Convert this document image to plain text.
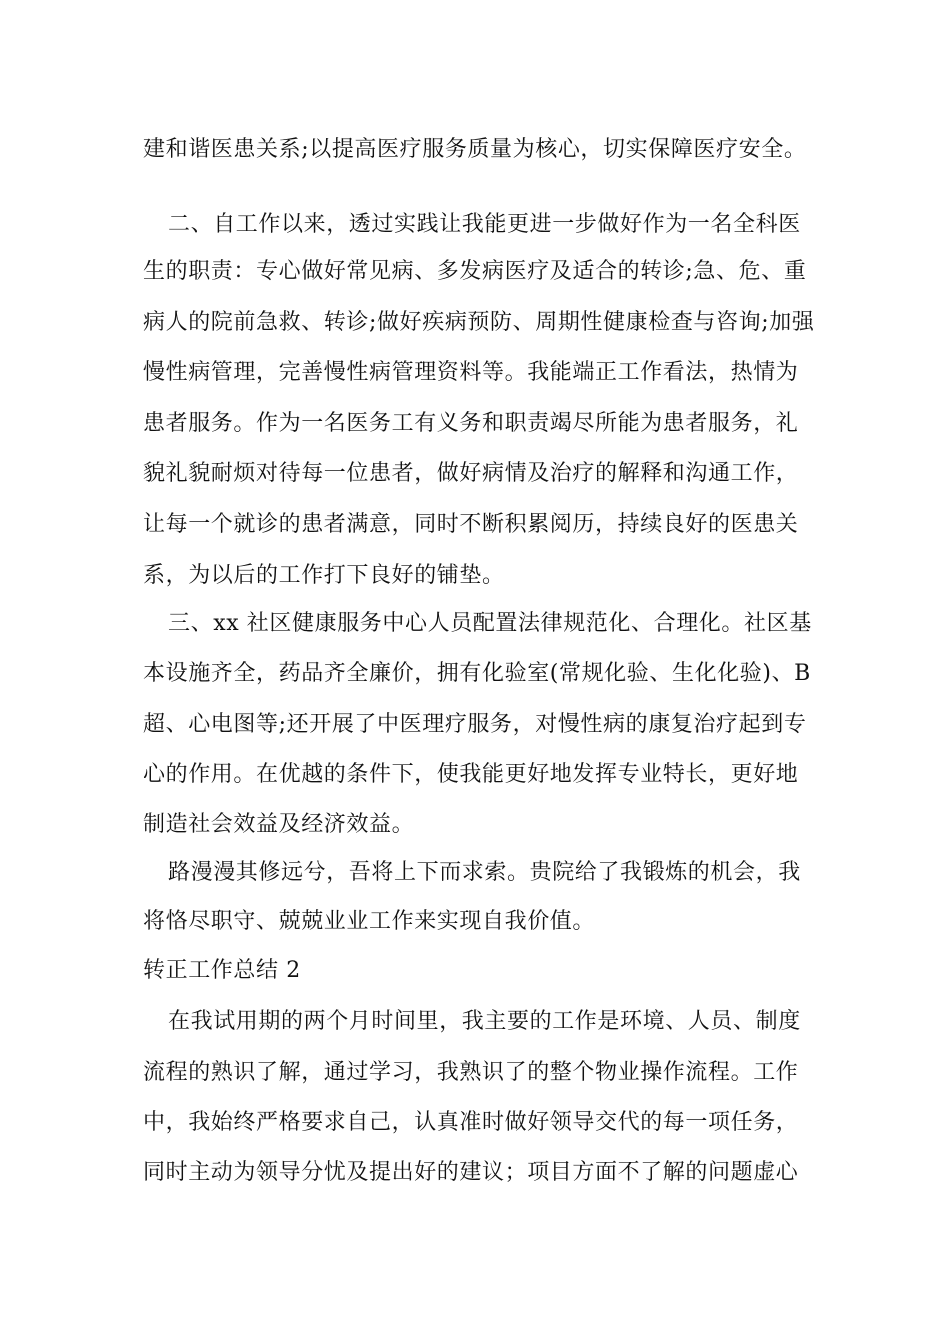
建和谐医患关系;以提高医疗服务质量为核心，切实保障医疗安全。
二、自工作以来，透过实践让我能更进一步做好作为一名全科医
生的职责：专心做好常见病、多发病医疗及适合的转诊;急、危、重
病人的院前急救、转诊;做好疾病预防、周期性健康检查与咨询;加强
慢性病管理，完善慢性病管理资料等。我能端正工作看法，热情为
患者服务。作为一名医务工有义务和职责竭尽所能为患者服务，礼
貌礼貌耐烦对待每一位患者，做好病情及治疗的解释和沟通工作，
让每一个就诊的患者满意，同时不断积累阅历，持续良好的医患关
系，为以后的工作打下良好的铺垫。
三、xx 社区健康服务中心人员配置法律规范化、合理化。社区基
本设施齐全，药品齐全廉价，拥有化验室(常规化验、生化化验)、B
超、心电图等;还开展了中医理疗服务，对慢性病的康复治疗起到专
心的作用。在优越的条件下，使我能更好地发挥专业特长，更好地
制造社会效益及经济效益。
路漫漫其修远兮，吾将上下而求索。贵院给了我锻炼的机会，我
将恪尽职守、兢兢业业工作来实现自我价值。
转正工作总结 2
在我试用期的两个月时间里，我主要的工作是环境、人员、制度
流程的熟识了解，通过学习，我熟识了的整个物业操作流程。工作
中，我始终严格要求自己，认真准时做好领导交代的每一项任务，
同时主动为领导分忧及提出好的建议；项目方面不了解的问题虚心
